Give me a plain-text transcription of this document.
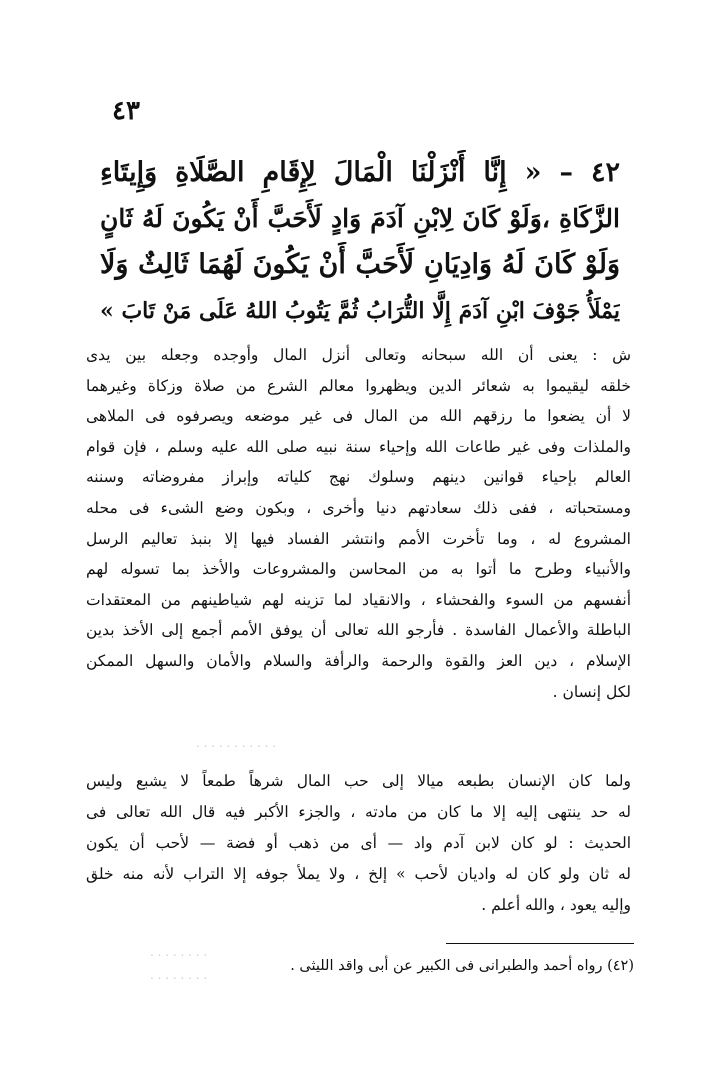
٤٣
٤٢ – « إِنَّا أَنْزَلْنَا الْمَالَ لِإِقَامِ الصَّلَاةِ وَإِيتَاءِ
الزَّكَاةِ ،وَلَوْ كَانَ لِابْنِ آدَمَ وَادٍ لَأَحَبَّ أَنْ يَكُونَ لَهُ ثَانٍ
وَلَوْ كَانَ لَهُ وَادِيَانِ لَأَحَبَّ أَنْ يَكُونَ لَهُمَا ثَالِثٌ وَلَا
يَمْلَأُ جَوْفَ ابْنِ آدَمَ إِلَّا التُّرَابُ ثُمَّ يَتُوبُ اللهُ عَلَى مَنْ تَابَ »
ش : يعنى أن الله سبحانه وتعالى أنزل المال وأوجده وجعله بين يدى
خلقه ليقيموا به شعائر الدين ويظهروا معالم الشرع من صلاة وزكاة وغيرهما
لا أن يضعوا ما رزقهم الله من المال فى غير موضعه ويصرفوه فى الملاهى
والملذات وفى غير طاعات الله وإحياء سنة نبيه صلى الله عليه وسلم ، فإن قوام
العالم بإحياء قوانين دينهم وسلوك نهج كلياته وإبراز مفروضاته وسننه
ومستحباته ، ففى ذلك سعادتهم دنيا وأخرى ، وبكون وضع الشىء فى محله
المشروع له ، وما تأخرت الأمم وانتشر الفساد فيها إلا بنبذ تعاليم الرسل
والأنبياء وطرح ما أتوا به من المحاسن والمشروعات والأخذ بما تسوله لهم
أنفسهم من السوء والفحشاء ، والانقياد لما تزينه لهم شياطينهم من المعتقدات
الباطلة والأعمال الفاسدة . فأرجو الله تعالى أن يوفق الأمم أجمع إلى الأخذ بدين
الإسلام ، دين العز والقوة والرحمة والرأفة والسلام والأمان والسهل الممكن
لكل إنسان .
. . . . . . . . . . .
ولما كان الإنسان بطبعه ميالا إلى حب المال شرهاً طمعاً لا يشبع وليس
له حد ينتهى إليه إلا ما كان من مادته ، والجزء الأكبر فيه قال الله تعالى فى
الحديث : لو كان لابن آدم واد — أى من ذهب أو فضة — لأحب أن يكون
له ثان ولو كان له واديان لأحب » إلخ ، ولا يملأ جوفه إلا التراب لأنه منه خلق
وإليه يعود ، والله أعلم .
(٤٢) رواه أحمد والطبرانى فى الكبير عن أبى واقد الليثى .
. . . . . . . .
. . . . . . . .
